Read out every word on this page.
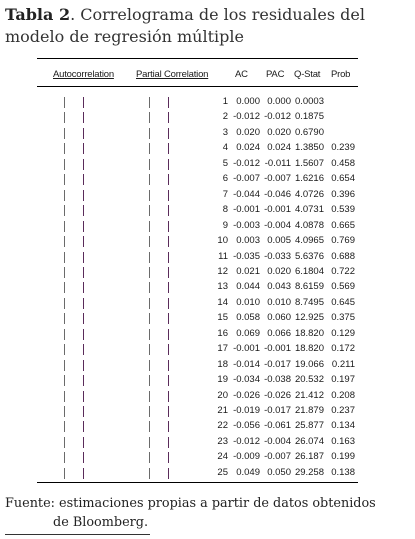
Tabla 2. Correlograma de los residuales del modelo de regresión múltiple
Autocorrelation Partial Correlation	AC PAC Q-Stat Prob
1 0.000 0.000 0.0003
2 -0.012 -0.012 0.1875
3 0.020 0.020 0.6790
4 0.024 0.024 1.3850 0.239
5 -0.012 -0.011 1.5607 0.458
6 -0.007 -0.007 1.6216 0.654
7 -0.044 -0.046 4.0726 0.396
8 -0.001 -0.001 4.0731 0.539
9 -0.003 -0.004 4.0878 0.665
10 0.003 0.005 4.0965 0.769
11 -0.035 -0.033 5.6376 0.688
12 0.021 0.020 6.1804 0.722
13 0.044 0.043 8.6159 0.569
14 0.010 0.010 8.7495 0.645
15 0.058 0.060 12.925 0.375
16 0.069 0.066 18.820 0.129
17 -0.001 -0.001 18.820 0.172
18 -0.014 -0.017 19.066 0.211
19 -0.034 -0.038 20.532 0.197
20 -0.026 -0.026 21.412 0.208
21 -0.019 -0.017 21.879 0.237
22 -0.056 -0.061 25.877 0.134
23 -0.012 -0.004 26.074 0.163
24 -0.009 -0.007 26.187 0.199
25 0.049 0.050 29.258 0.138
Fuente: estimaciones propias a partir de datos obtenidos
de Bloomberg.
